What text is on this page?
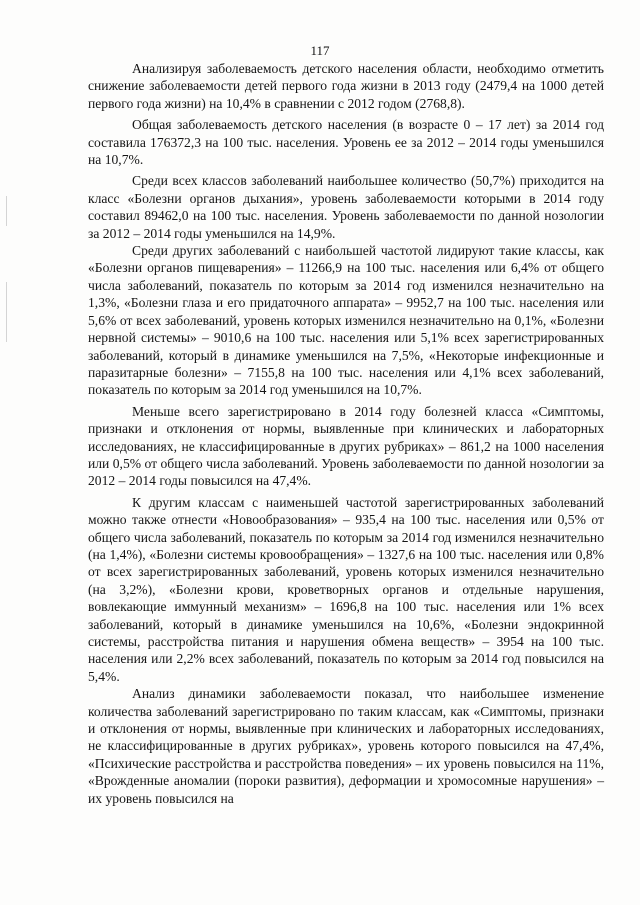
117

Анализируя заболеваемость детского населения области, необходимо отметить снижение заболеваемости детей первого года жизни в 2013 году (2479,4 на 1000 детей первого года жизни) на 10,4% в сравнении с 2012 годом (2768,8).

Общая заболеваемость детского населения (в возрасте 0 – 17 лет) за 2014 год составила 176372,3 на 100 тыс. населения. Уровень ее за 2012 – 2014 годы уменьшился на 10,7%.

Среди всех классов заболеваний наибольшее количество (50,7%) приходится на класс «Болезни органов дыхания», уровень заболеваемости которыми в 2014 году составил 89462,0 на 100 тыс. населения. Уровень заболеваемости по данной нозологии за 2012 – 2014 годы уменьшился на 14,9%.

Среди других заболеваний с наибольшей частотой лидируют такие классы, как «Болезни органов пищеварения» – 11266,9 на 100 тыс. населения или 6,4% от общего числа заболеваний, показатель по которым за 2014 год изменился незначительно на 1,3%, «Болезни глаза и его придаточного аппарата» – 9952,7 на 100 тыс. населения или 5,6% от всех заболеваний, уровень которых изменился незначительно на 0,1%, «Болезни нервной системы» – 9010,6 на 100 тыс. населения или 5,1% всех зарегистрированных заболеваний, который в динамике уменьшился на 7,5%, «Некоторые инфекционные и паразитарные болезни» – 7155,8 на 100 тыс. населения или 4,1% всех заболеваний, показатель по которым за 2014 год уменьшился на 10,7%.

Меньше всего зарегистрировано в 2014 году болезней класса «Симптомы, признаки и отклонения от нормы, выявленные при клинических и лабораторных исследованиях, не классифицированные в других рубриках» – 861,2 на 1000 населения или 0,5% от общего числа заболеваний. Уровень заболеваемости по данной нозологии за 2012 – 2014 годы повысился на 47,4%.

К другим классам с наименьшей частотой зарегистрированных заболеваний можно также отнести «Новообразования» – 935,4 на 100 тыс. населения или 0,5% от общего числа заболеваний, показатель по которым за 2014 год изменился незначительно (на 1,4%), «Болезни системы кровообращения» – 1327,6 на 100 тыс. населения или 0,8% от всех зарегистрированных заболеваний, уровень которых изменился незначительно (на 3,2%), «Болезни крови, кроветворных органов и отдельные нарушения, вовлекающие иммунный механизм» – 1696,8 на 100 тыс. населения или 1% всех заболеваний, который в динамике уменьшился на 10,6%, «Болезни эндокринной системы, расстройства питания и нарушения обмена веществ» – 3954 на 100 тыс. населения или 2,2% всех заболеваний, показатель по которым за 2014 год повысился на 5,4%.

Анализ динамики заболеваемости показал, что наибольшее изменение количества заболеваний зарегистрировано по таким классам, как «Симптомы, признаки и отклонения от нормы, выявленные при клинических и лабораторных исследованиях, не классифицированные в других рубриках», уровень которого повысился на 47,4%, «Психические расстройства и расстройства поведения» – их уровень повысился на 11%, «Врожденные аномалии (пороки развития), деформации и хромосомные нарушения» – их уровень повысился на
